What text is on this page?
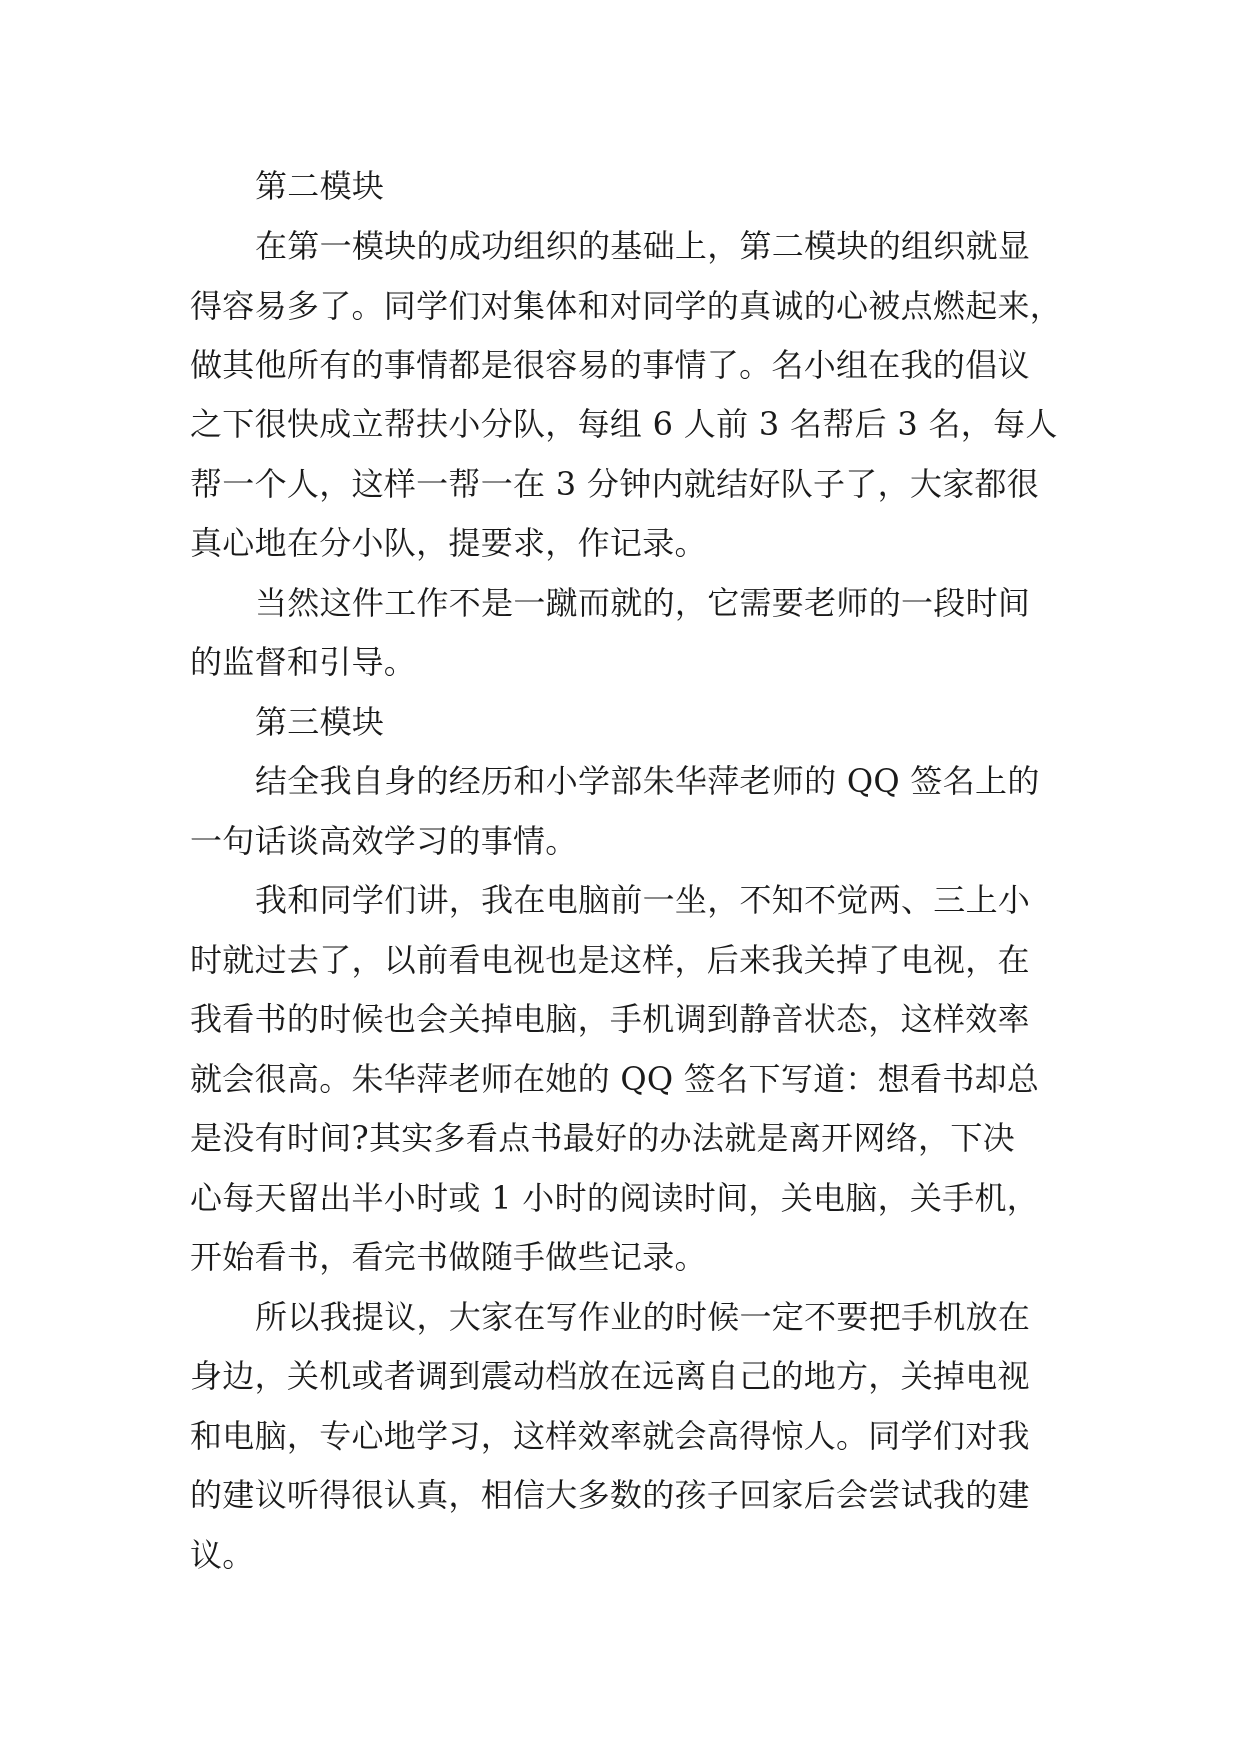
第二模块
在第一模块的成功组织的基础上，第二模块的组织就显
得容易多了。同学们对集体和对同学的真诚的心被点燃起来，
做其他所有的事情都是很容易的事情了。名小组在我的倡议
之下很快成立帮扶小分队，每组 6 人前 3 名帮后 3 名，每人
帮一个人，这样一帮一在 3 分钟内就结好队子了，大家都很
真心地在分小队，提要求，作记录。
当然这件工作不是一蹴而就的，它需要老师的一段时间
的监督和引导。
第三模块
结全我自身的经历和小学部朱华萍老师的 QQ 签名上的
一句话谈高效学习的事情。
我和同学们讲，我在电脑前一坐，不知不觉两、三上小
时就过去了，以前看电视也是这样，后来我关掉了电视，在
我看书的时候也会关掉电脑，手机调到静音状态，这样效率
就会很高。朱华萍老师在她的 QQ 签名下写道：想看书却总
是没有时间?其实多看点书最好的办法就是离开网络，下决
心每天留出半小时或 1 小时的阅读时间，关电脑，关手机，
开始看书，看完书做随手做些记录。
所以我提议，大家在写作业的时候一定不要把手机放在
身边，关机或者调到震动档放在远离自己的地方，关掉电视
和电脑，专心地学习，这样效率就会高得惊人。同学们对我
的建议听得很认真，相信大多数的孩子回家后会尝试我的建
议。
